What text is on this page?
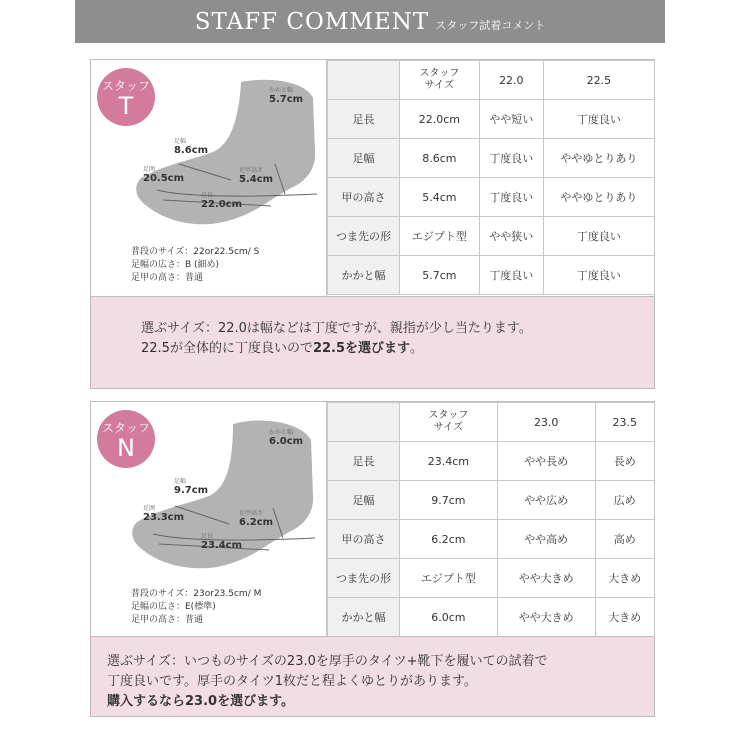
STAFF COMMENT スタッフ試着コメント
かかと幅
5.7cm
足幅
8.6cm
足囲
20.5cm
足甲高さ
5.4cm
足長
22.0cm
普段のサイズ：22or22.5cm/ S
足幅の広さ：B (細め)
足甲の高さ：普通
スタッフ
T

	スタッフ
サイズ	22.0	22.5
足長	22.0cm	やや短い	丁度良い
足幅	8.6cm	丁度良い	ややゆとりあり
甲の高さ	5.4cm	丁度良い	ややゆとりあり
つま先の形	エジプト型	やや狭い	丁度良い
かかと幅	5.7cm	丁度良い	丁度良い
選ぶサイズ：22.0は幅などは丁度ですが、親指が少し当たります。
22.5が全体的に丁度良いので22.5を選びます。
かかと幅
6.0cm
足幅
9.7cm
足囲
23.3cm	足甲高さ
6.2cm
足長
23.4cm
普段のサイズ：23or23.5cm/ M
足幅の広さ：E(標準)
足甲の高さ：普通
スタッフ
N

	スタッフ
サイズ	23.0	23.5
足長	23.4cm	やや長め	長め
足幅	9.7cm	やや広め	広め
甲の高さ	6.2cm	やや高め	高め
つま先の形	エジプト型	やや大きめ	大きめ
かかと幅	6.0cm	やや大きめ	大きめ
選ぶサイズ：いつものサイズの23.0を厚手のタイツ+靴下を履いての試着で
丁度良いです。厚手のタイツ1枚だと程よくゆとりがあります。
購入するなら23.0を選びます。
